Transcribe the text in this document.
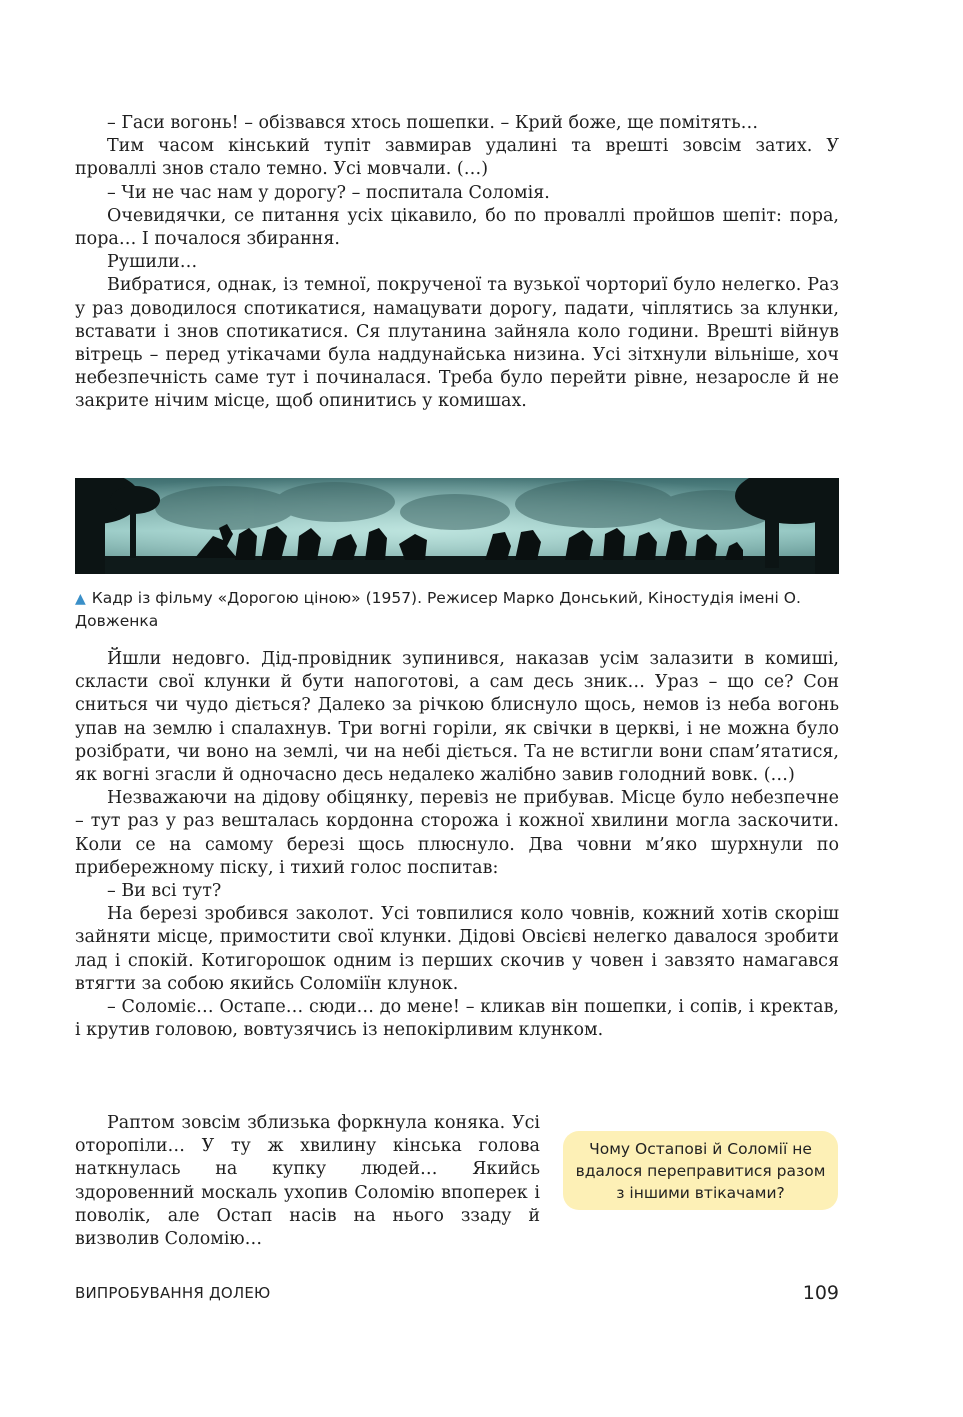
– Гаси вогонь! – обізвався хтось пошепки. – Крий боже, ще помітять…

Тим часом кінський тупіт завмирав удалині та врешті зовсім затих. У проваллі знов стало темно. Усі мовчали. (…)

– Чи не час нам у дорогу? – поспитала Соломія.

Очевидячки, се питання усіх цікавило, бо по проваллі пройшов шепіт: пора, пора… І почалося збирання.

Рушили…

Вибратися, однак, із темної, покрученої та вузької чорториї було нелегко. Раз у раз доводилося спотикатися, намацувати дорогу, падати, чіплятись за клунки, вставати і знов спотикатися. Ся плутанина зайняла коло години. Врешті війнув вітрець – перед утікачами була наддунайська низина. Усі зітхнули вільніше, хоч небезпечність саме тут і починалася. Треба було перейти рівне, незаросле й не закрите нічим місце, щоб опинитись у комишах.

▲ Кадр із фільму «Дорогою ціною» (1957). Режисер Марко Донський, Кіностудія імені О. Довженка

Йшли недовго. Дід-провідник зупинився, наказав усім залазити в комиші, скласти свої клунки й бути напоготові, а сам десь зник… Ураз – що се? Сон сниться чи чудо діється? Далеко за річкою блиснуло щось, немов із неба вогонь упав на землю і спалахнув. Три вогні горіли, як свічки в церкві, і не можна було розібрати, чи воно на землі, чи на небі діється. Та не встигли вони спам’ятатися, як вогні згасли й одночасно десь недалеко жалібно завив голодний вовк. (…)

Незважаючи на дідову обіцянку, перевіз не прибував. Місце було небезпечне – тут раз у раз вешталась кордонна сторожа і кожної хвилини могла заскочити. Коли се на самому березі щось плюснуло. Два човни м’яко шурхнули по прибережному піску, і тихий голос поспитав:

– Ви всі тут?

На березі зробився заколот. Усі товпилися коло човнів, кожний хотів скоріш зайняти місце, примостити свої клунки. Дідові Овсієві нелегко давалося зробити лад і спокій. Котигорошок одним із перших скочив у човен і завзято намагався втягти за собою якийсь Соломіїн клунок.

– Соломіє… Остапе… сюди… до мене! – кликав він пошепки, і сопів, і кректав, і крутив головою, вовтузячись із непокірливим клунком.

Раптом зовсім зблизька форкнула коняка. Усі оторопіли… У ту ж хвилину кінська голова наткнулась на купку людей… Якийсь здоровенний москаль ухопив Соломію впоперек і поволік, але Остап насів на нього ззаду й визволив Соломію…

Чому Остапові й Соломії не вдалося переправитися разом з іншими втікачами?
ВИПРОБУВАННЯ ДОЛЕЮ	109
